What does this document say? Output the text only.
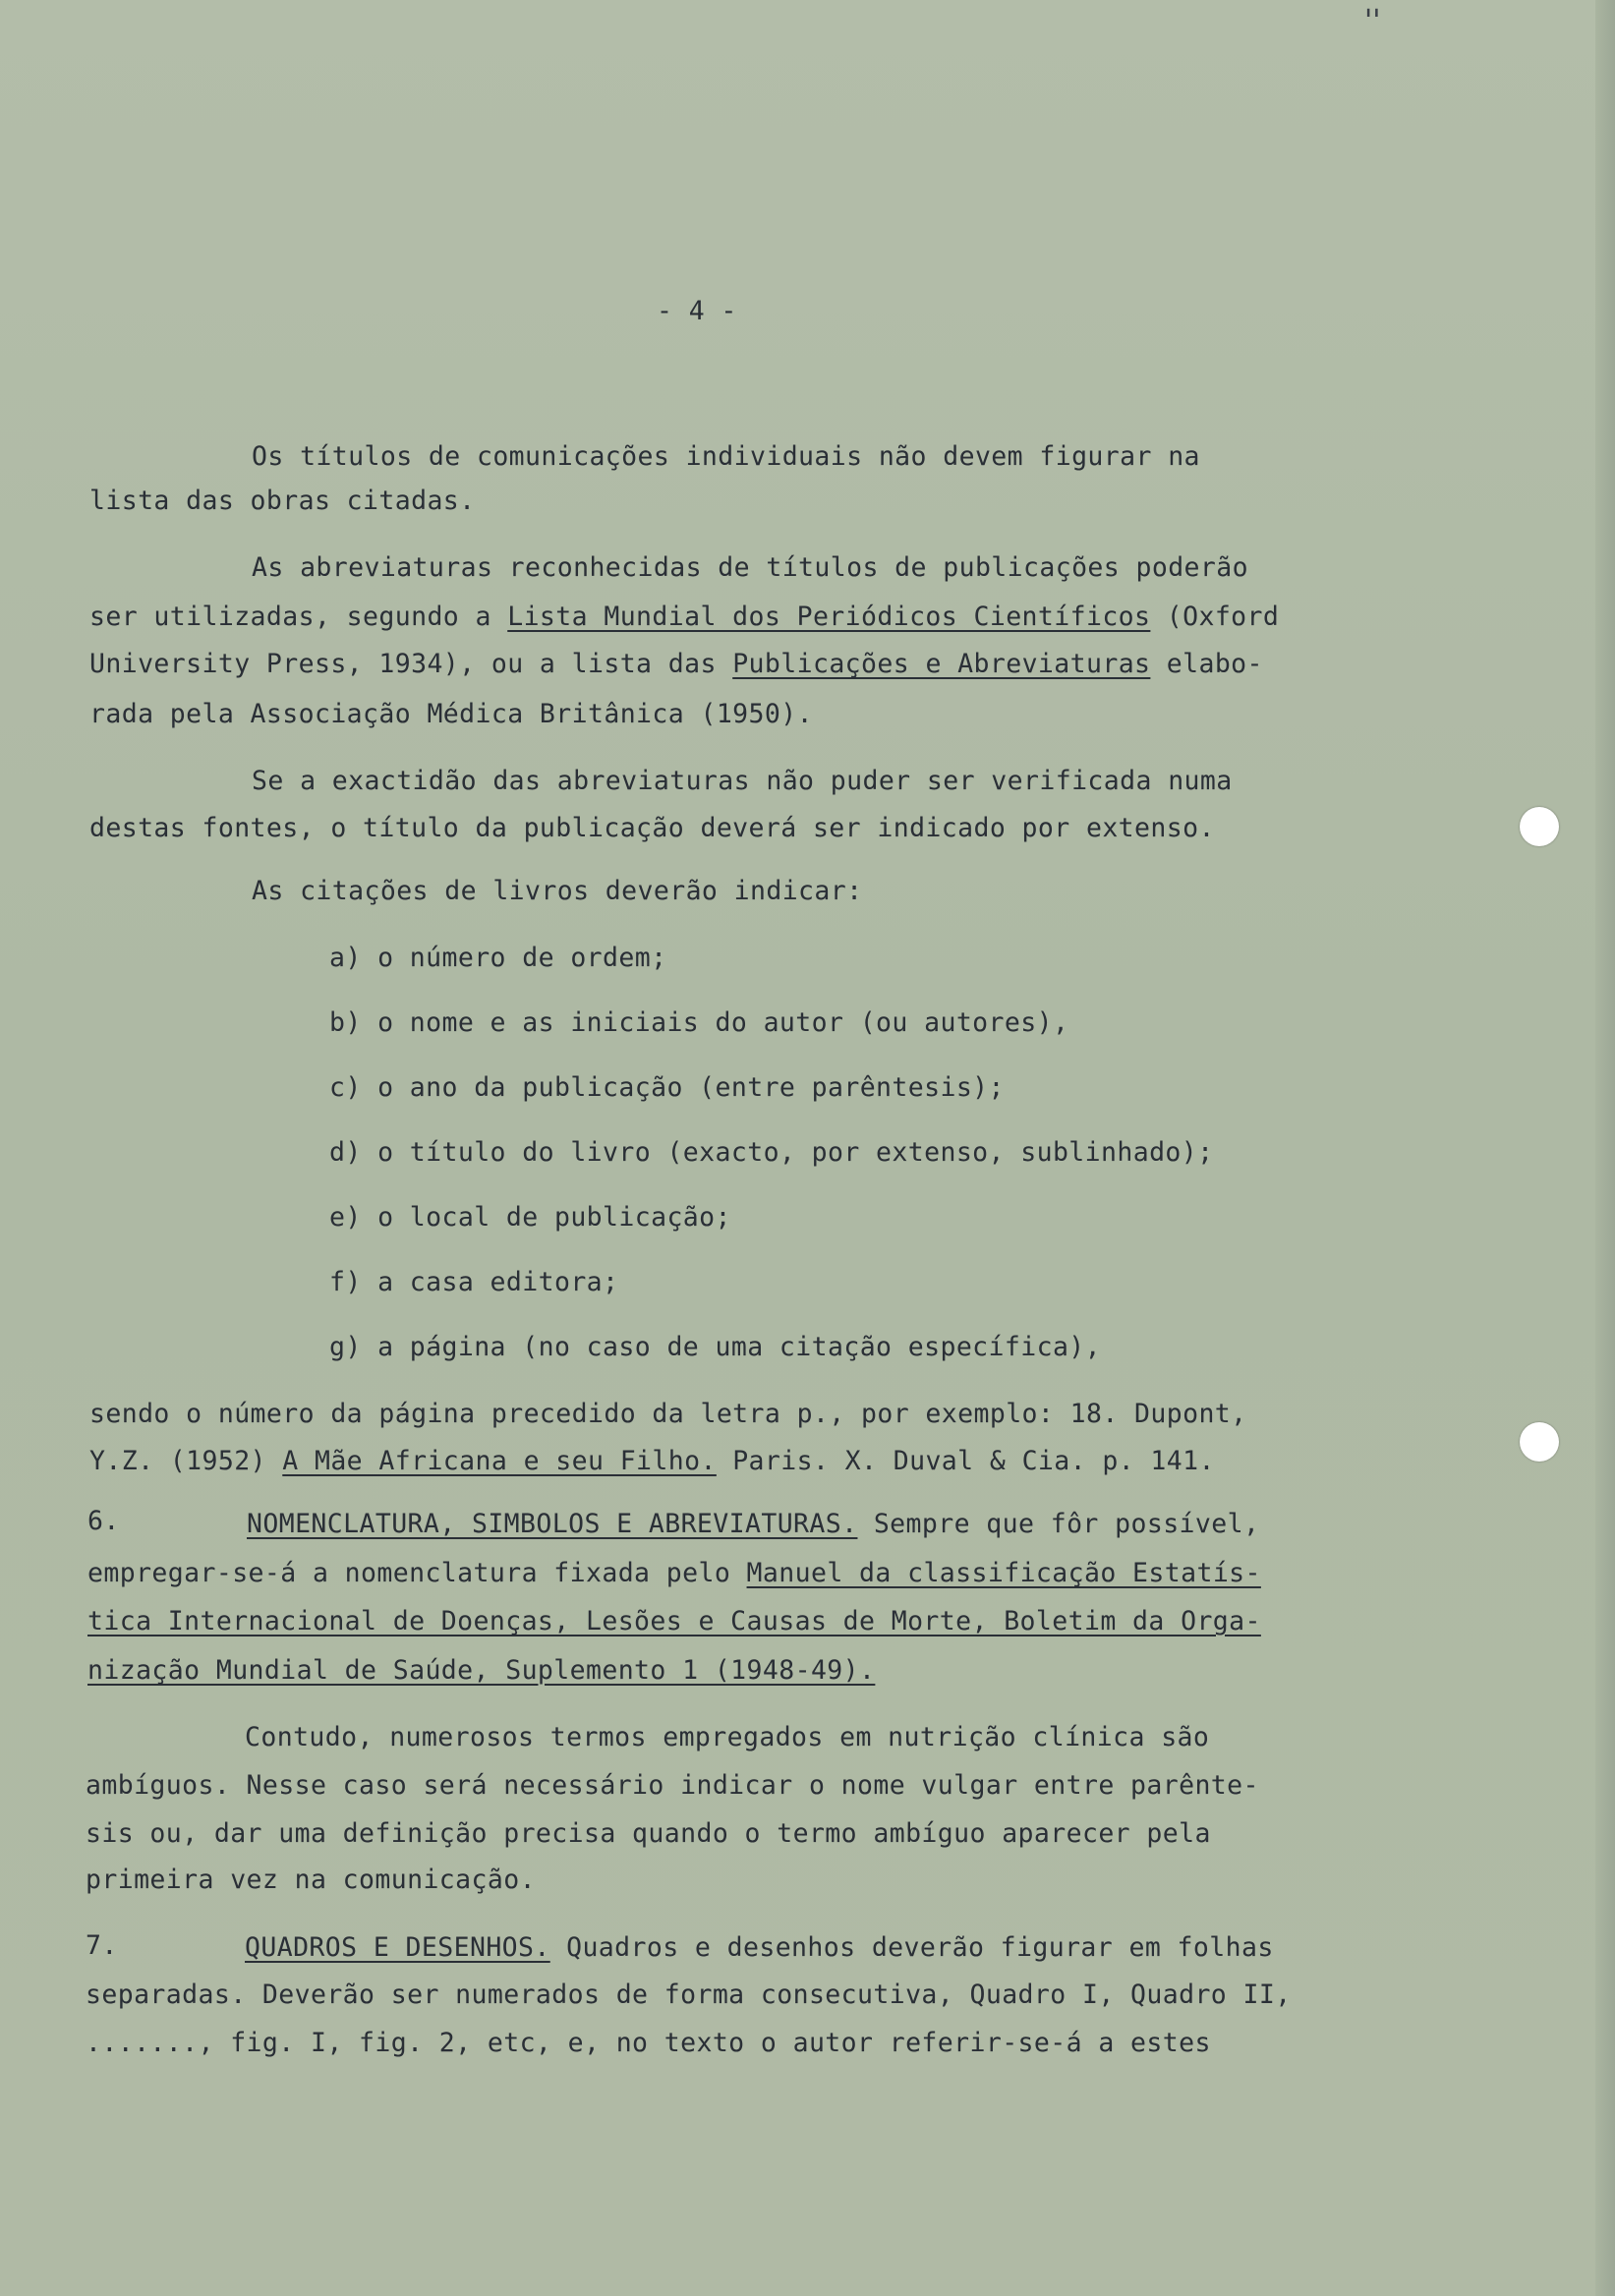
ꞌꞌ
- 4 -
Os títulos de comunicações individuais não devem figurar na
lista das obras citadas.
As abreviaturas reconhecidas de títulos de publicações poderão
ser utilizadas, segundo a Lista Mundial dos Periódicos Científicos (Oxford
University Press, 1934), ou a lista das Publicações e Abreviaturas elabo-
rada pela Associação Médica Britânica (1950).
Se a exactidão das abreviaturas não puder ser verificada numa
destas fontes, o título da publicação deverá ser indicado por extenso.
As citações de livros deverão indicar:
a) o número de ordem;
b) o nome e as iniciais do autor (ou autores),
c) o ano da publicação (entre parêntesis);
d) o título do livro (exacto, por extenso, sublinhado);
e) o local de publicação;
f) a casa editora;
g) a página (no caso de uma citação específica),
sendo o número da página precedido da letra p., por exemplo: 18. Dupont,
Y.Z. (1952) A Mãe Africana e seu Filho. Paris. X. Duval & Cia. p. 141.
6.	NOMENCLATURA, SIMBOLOS E ABREVIATURAS. Sempre que fôr possível,
empregar-se-á a nomenclatura fixada pelo Manuel da classificação Estatís-
tica Internacional de Doenças, Lesões e Causas de Morte, Boletim da Orga-
nização Mundial de Saúde, Suplemento 1 (1948-49).
Contudo, numerosos termos empregados em nutrição clínica são
ambíguos. Nesse caso será necessário indicar o nome vulgar entre parênte-
sis ou, dar uma definição precisa quando o termo ambíguo aparecer pela
primeira vez na comunicação.
7.	QUADROS E DESENHOS. Quadros e desenhos deverão figurar em folhas
separadas. Deverão ser numerados de forma consecutiva, Quadro I, Quadro II,
......., fig. I, fig. 2, etc, e, no texto o autor referir-se-á a estes
